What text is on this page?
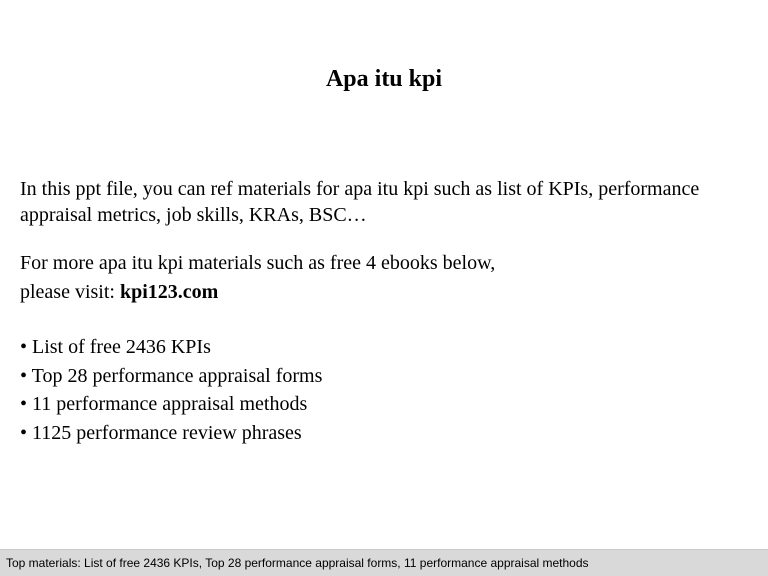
Apa itu kpi

In this ppt file, you can ref materials for apa itu kpi such as list of KPIs, performance appraisal metrics, job skills, KRAs, BSC…

For more apa itu kpi materials such as free 4 ebooks below,

please visit: kpi123.com

• List of free 2436 KPIs
• Top 28 performance appraisal forms
• 11 performance appraisal methods
• 1125 performance review phrases
Top materials: List of free 2436 KPIs, Top 28 performance appraisal forms, 11 performance appraisal methods
